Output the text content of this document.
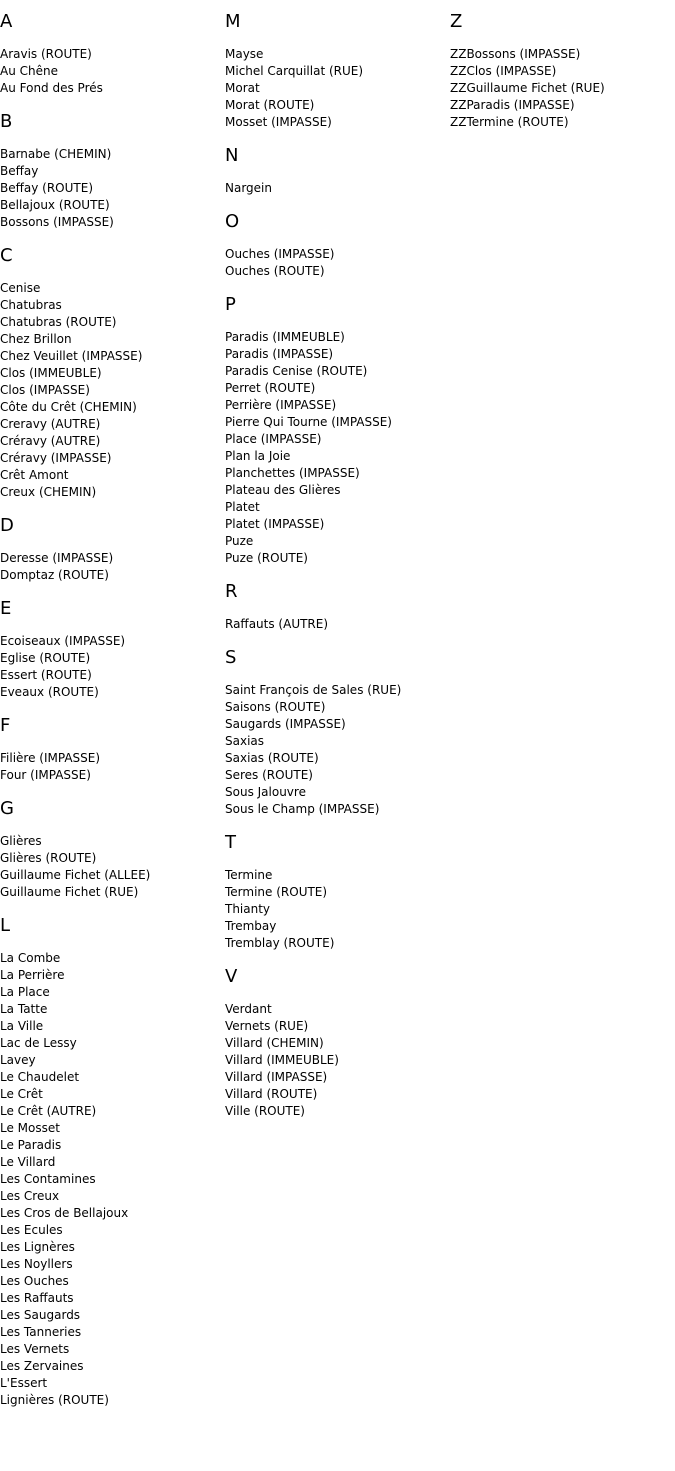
A
Aravis (ROUTE)
Au Chêne
Au Fond des Prés
B
Barnabe (CHEMIN)
Beffay
Beffay (ROUTE)
Bellajoux (ROUTE)
Bossons (IMPASSE)
C
Cenise
Chatubras
Chatubras (ROUTE)
Chez Brillon
Chez Veuillet (IMPASSE)
Clos (IMMEUBLE)
Clos (IMPASSE)
Côte du Crêt (CHEMIN)
Creravy (AUTRE)
Créravy (AUTRE)
Créravy (IMPASSE)
Crêt Amont
Creux (CHEMIN)
D
Deresse (IMPASSE)
Domptaz (ROUTE)
E
Ecoiseaux (IMPASSE)
Eglise (ROUTE)
Essert (ROUTE)
Eveaux (ROUTE)
F
Filière (IMPASSE)
Four (IMPASSE)
G
Glières
Glières (ROUTE)
Guillaume Fichet (ALLEE)
Guillaume Fichet (RUE)
L
La Combe
La Perrière
La Place
La Tatte
La Ville
Lac de Lessy
Lavey
Le Chaudelet
Le Crêt
Le Crêt (AUTRE)
Le Mosset
Le Paradis
Le Villard
Les Contamines
Les Creux
Les Cros de Bellajoux
Les Ecules
Les Lignères
Les Noyllers
Les Ouches
Les Raffauts
Les Saugards
Les Tanneries
Les Vernets
Les Zervaines
L'Essert
Lignières (ROUTE)
M
Mayse
Michel Carquillat (RUE)
Morat
Morat (ROUTE)
Mosset (IMPASSE)
N
Nargein
O
Ouches (IMPASSE)
Ouches (ROUTE)
P
Paradis (IMMEUBLE)
Paradis (IMPASSE)
Paradis Cenise (ROUTE)
Perret (ROUTE)
Perrière (IMPASSE)
Pierre Qui Tourne (IMPASSE)
Place (IMPASSE)
Plan la Joie
Planchettes (IMPASSE)
Plateau des Glières
Platet
Platet (IMPASSE)
Puze
Puze (ROUTE)
R
Raffauts (AUTRE)
S
Saint François de Sales (RUE)
Saisons (ROUTE)
Saugards (IMPASSE)
Saxias
Saxias (ROUTE)
Seres (ROUTE)
Sous Jalouvre
Sous le Champ (IMPASSE)
T
Termine
Termine (ROUTE)
Thianty
Trembay
Tremblay (ROUTE)
V
Verdant
Vernets (RUE)
Villard (CHEMIN)
Villard (IMMEUBLE)
Villard (IMPASSE)
Villard (ROUTE)
Ville (ROUTE)
Z
ZZBossons (IMPASSE)
ZZClos (IMPASSE)
ZZGuillaume Fichet (RUE)
ZZParadis (IMPASSE)
ZZTermine (ROUTE)
